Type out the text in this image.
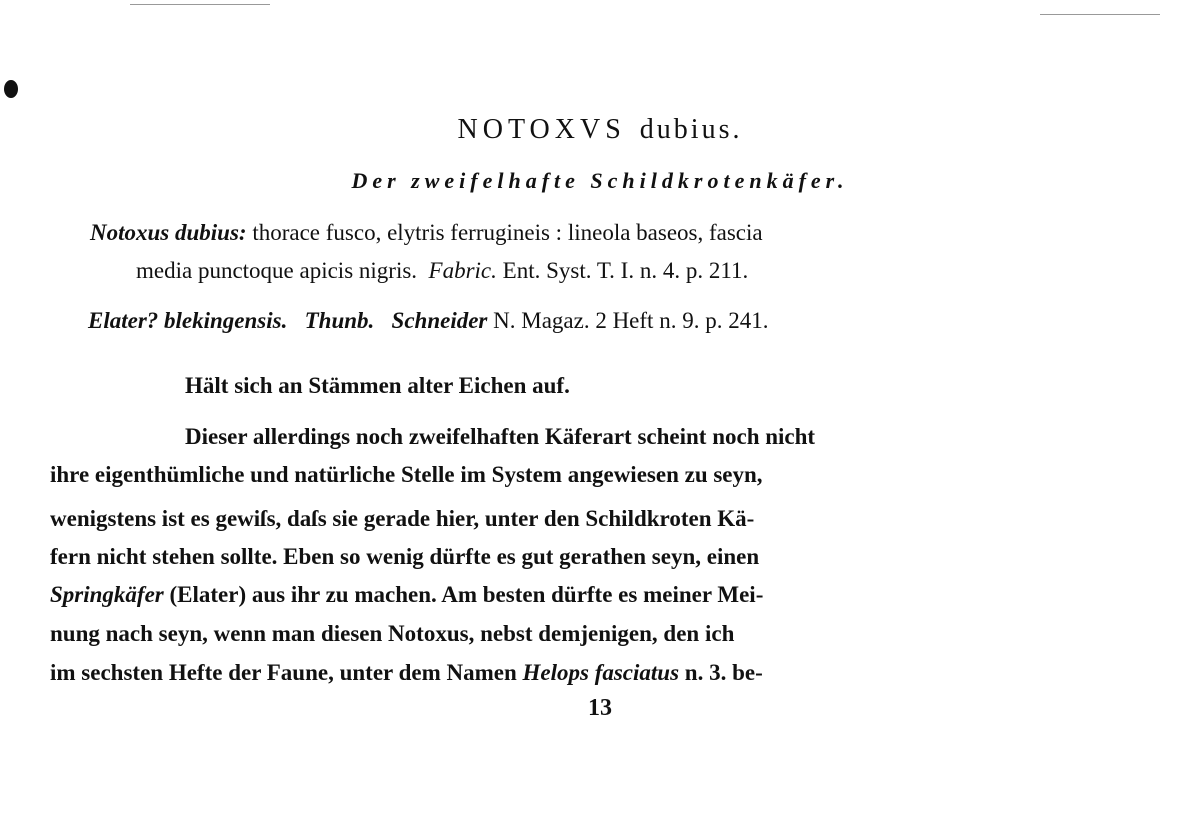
NOTOXVS dubius.
Der zweifelhafte Schildkrotenkäfer.
Notoxus dubius: thorace fusco, elytris ferrugineis : lineola baseos, fascia
media punctoque apicis nigris. Fabric. Ent. Syst. T. I. n. 4. p. 211.
Elater? blekingensis. Thunb. Schneider N. Magaz. 2 Heft n. 9. p. 241.
Hält sich an Stämmen alter Eichen auf.
Dieser allerdings noch zweifelhaften Käferart scheint noch nicht
ihre eigenthümliche und natürliche Stelle im System angewiesen zu seyn,
wenigstens ist es gewiſs, daſs sie gerade hier, unter den Schildkroten Kä-
fern nicht stehen sollte. Eben so wenig dürfte es gut gerathen seyn, einen
Springkäfer (Elater) aus ihr zu machen. Am besten dürfte es meiner Mei-
nung nach seyn, wenn man diesen Notoxus, nebst demjenigen, den ich
im sechsten Hefte der Faune, unter dem Namen Helops fasciatus n. 3. be-
13
